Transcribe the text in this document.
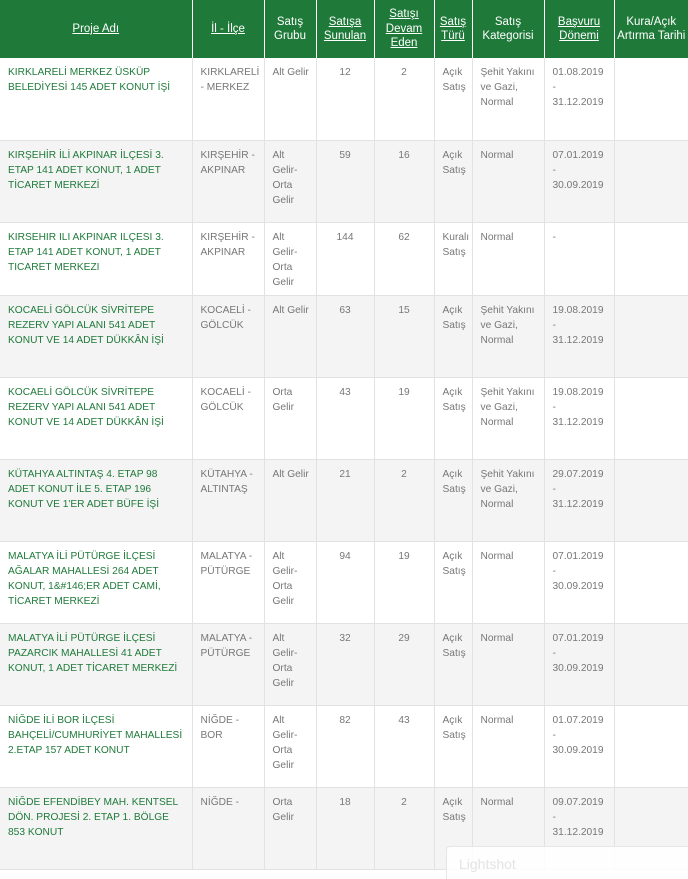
Proje Adı	İl - İlçe	Satış Grubu	Satışa Sunulan	Satışı Devam Eden	Satış Türü	Satış Kategorisi	Başvuru Dönemi	Kura/Açık Artırma Tarihi
KIRKLARELİ MERKEZ ÜSKÜP BELEDİYESİ 145 ADET KONUT İŞİ	KIRKLARELİ - MERKEZ	Alt Gelir	12	2	Açık Satış	Şehit Yakını ve Gazi, Normal	01.08.2019 - 31.12.2019	
KIRŞEHİR İLİ AKPINAR İLÇESİ 3. ETAP 141 ADET KONUT, 1 ADET TİCARET MERKEZİ	KIRŞEHİR - AKPINAR	Alt Gelir-Orta Gelir	59	16	Açık Satış	Normal	07.01.2019 - 30.09.2019	
KIRSEHIR ILI AKPINAR ILÇESI 3. ETAP 141 ADET KONUT, 1 ADET TICARET MERKEZI	KIRŞEHİR - AKPINAR	Alt Gelir-Orta Gelir	144	62	Kuralı Satış	Normal	-	
KOCAELİ GÖLCÜK SİVRİTEPE REZERV YAPI ALANI 541 ADET KONUT VE 14 ADET DÜKKÂN İŞİ	KOCAELİ - GÖLCÜK	Alt Gelir	63	15	Açık Satış	Şehit Yakını ve Gazi, Normal	19.08.2019 - 31.12.2019	
KOCAELİ GÖLCÜK SİVRİTEPE REZERV YAPI ALANI 541 ADET KONUT VE 14 ADET DÜKKÂN İŞİ	KOCAELİ - GÖLCÜK	Orta Gelir	43	19	Açık Satış	Şehit Yakını ve Gazi, Normal	19.08.2019 - 31.12.2019	
KÜTAHYA ALTINTAŞ 4. ETAP 98 ADET KONUT İLE 5. ETAP 196 KONUT VE 1'ER ADET BÜFE İŞİ	KÜTAHYA - ALTINTAŞ	Alt Gelir	21	2	Açık Satış	Şehit Yakını ve Gazi, Normal	29.07.2019 - 31.12.2019	
MALATYA İLİ PÜTÜRGE İLÇESİ AĞALAR MAHALLESİ 264 ADET KONUT, 1&#146;ER ADET CAMİ, TİCARET MERKEZİ	MALATYA - PÜTÜRGE	Alt Gelir-Orta Gelir	94	19	Açık Satış	Normal	07.01.2019 - 30.09.2019	
MALATYA İLİ PÜTÜRGE İLÇESİ PAZARCIK MAHALLESİ 41 ADET KONUT, 1 ADET TİCARET MERKEZİ	MALATYA - PÜTÜRGE	Alt Gelir-Orta Gelir	32	29	Açık Satış	Normal	07.01.2019 - 30.09.2019	
NİĞDE İLİ BOR İLÇESİ BAHÇELİ/CUMHURİYET MAHALLESİ 2.ETAP 157 ADET KONUT	NİĞDE - BOR	Alt Gelir-Orta Gelir	82	43	Açık Satış	Normal	01.07.2019 - 30.09.2019	
NİĞDE EFENDİBEY MAH. KENTSEL DÖN. PROJESİ 2. ETAP 1. BÖLGE 853 KONUT	NİĞDE -	Orta Gelir	18	2	Açık Satış	Normal	09.07.2019 - 31.12.2019	
Lightshot
